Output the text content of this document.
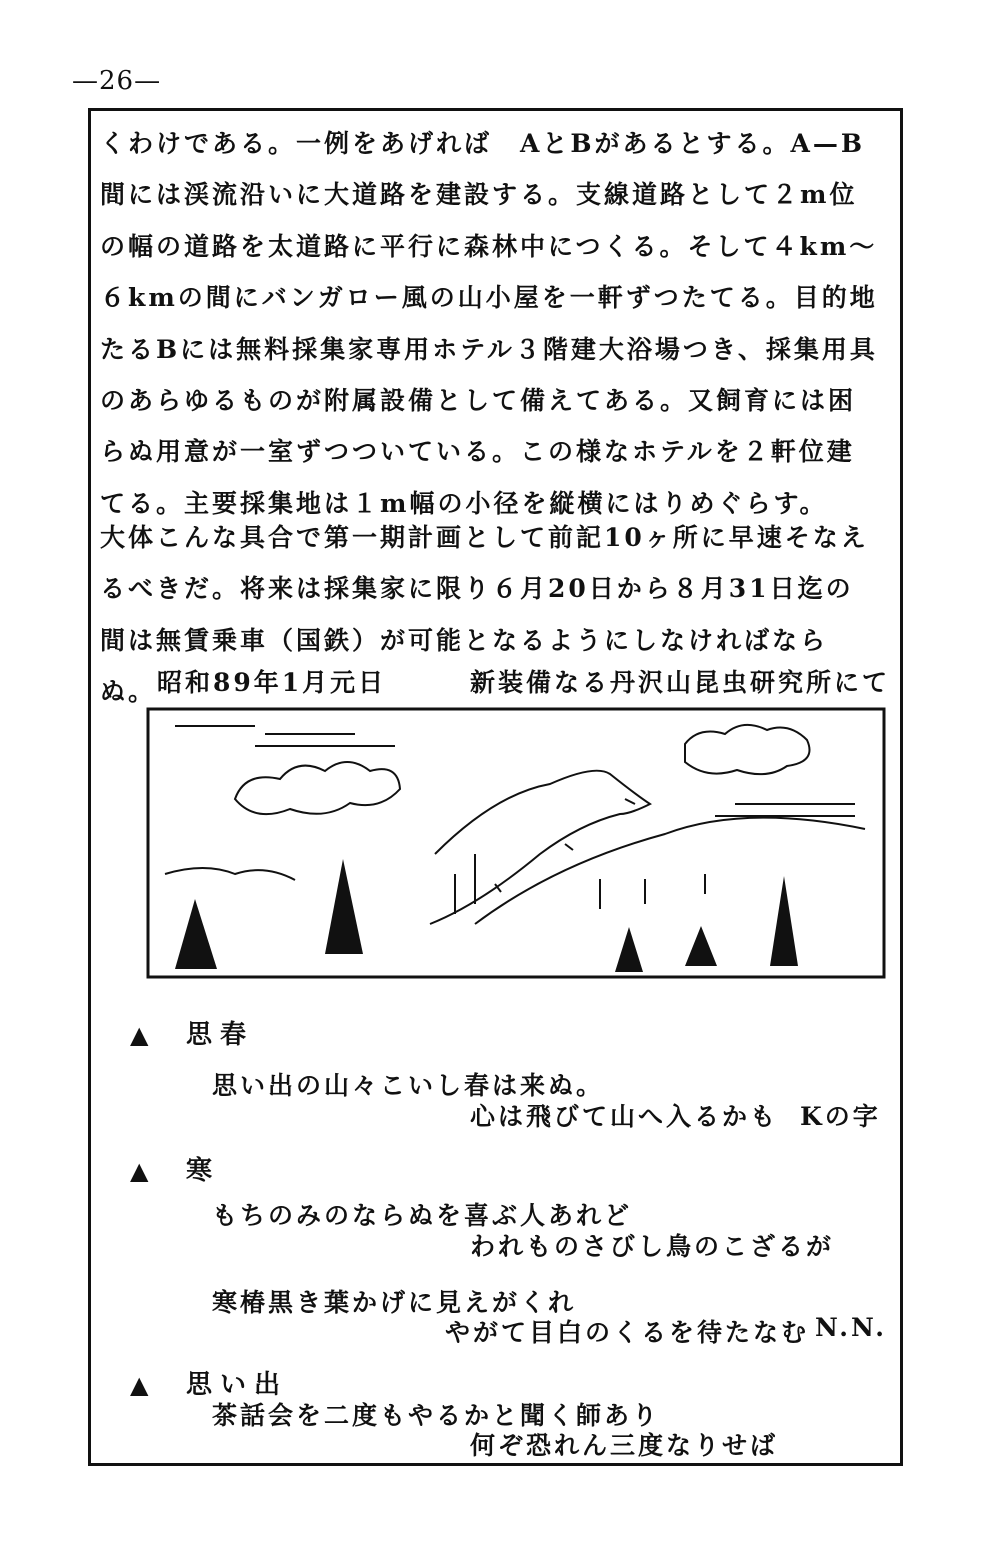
—26—

くわけである。一例をあげれば　AとBがあるとする。A—B間には渓流沿いに大道路を建設する。支線道路として２m位の幅の道路を太道路に平行に森林中につくる。そして４km〜６kmの間にバンガロー風の山小屋を一軒ずつたてる。目的地たるBには無料採集家専用ホテル３階建大浴場つき、採集用具のあらゆるものが附属設備として備えてある。又飼育には困らぬ用意が一室ずつついている。この様なホテルを２軒位建てる。主要採集地は１m幅の小径を縦横にはりめぐらす。

大体こんな具合で第一期計画として前記10ヶ所に早速そなえるべきだ。将来は採集家に限り６月20日から８月31日迄の間は無賃乗車（国鉄）が可能となるようにしなければならぬ。 昭和89年1月元日	新装備なる丹沢山昆虫研究所にて
▲ 思春
思い出の山々こいし春は来ぬ。
心は飛びて山へ入るかも Kの字
▲ 寒
もちのみのならぬを喜ぶ人あれど
われものさびし鳥のこざるが
寒椿黒き葉かげに見えがくれ
やがて目白のくるを待たなむ N.N.
▲ 思い出
茶話会を二度もやるかと聞く師あり
何ぞ恐れん三度なりせば
